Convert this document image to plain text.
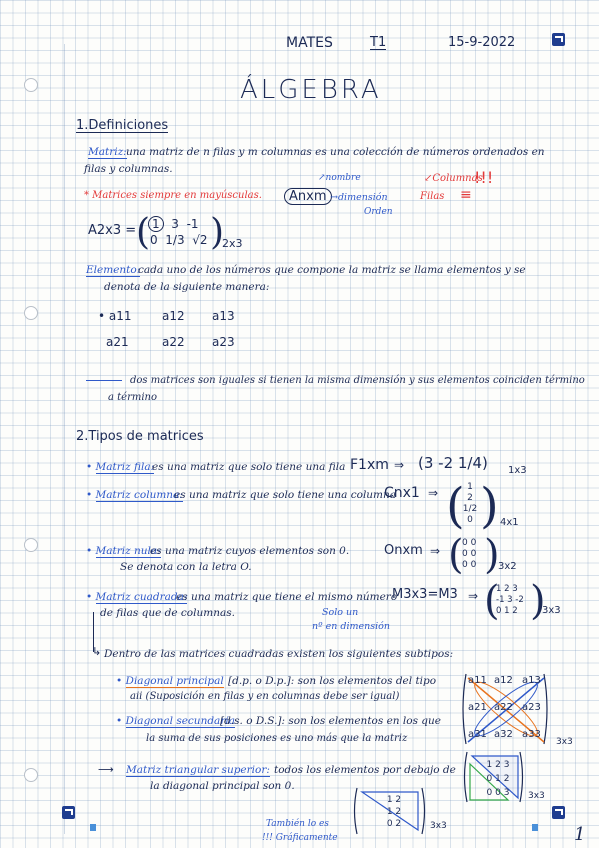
MATES	T1	15-9-2022
ÁLGEBRA
1.Definiciones
Matriz: una matriz de n filas y m columnas es una colección de números ordenados en
filas y columnas.
* Matrices siempre en mayúsculas.	Anxm
↗nombre
→dimensión
Orden
↙Columnas
!!!
Filas ≡
A2x3 = ( 1 3 -1
0 1/3 √2 )
2x3
Elemento:
cada uno de los números que compone la matriz se llama elementos y se
denota de la siguiente manera:
• a11	a12 a13
a21	a22 a23
dos matrices son iguales si tienen la misma dimensión y sus elementos coinciden término
a término
2.Tipos de matrices
• Matriz fila:
es una matriz que solo tiene una fila F1xm ⇒ (3 -2 1/4) 1x3
• Matriz columna:
es una matriz que solo tiene una columna
Cnx1 ⇒ ( 1
2
1/2
0 ) 4x1
• Matriz nula:
es una matriz cuyos elementos son 0.
Se denota con la letra O.
Onxm ⇒ (
0 0
0 0
0 0 )
3x2
• Matriz cuadrada:
es una matriz que tiene el mismo número
de filas que de columnas.
M3x3=M3
Solo un
nº en dimensión
⇒ (
1 2 3
-1 3 -2
0 1 2 )
3x3
↳ Dentro de las matrices cuadradas existen los siguientes subtipos:
• Diagonal principal [d.p. o D.p.]: son los elementos del tipo
aii (Suposición en filas y en columnas debe ser igual)
• Diagonal secundaria
[d.s. o D.S.]: son los elementos en los que
la suma de sus posiciones es uno más que la matriz
a11 a12 a13
a21 a22 a23
a31 a32 a33
3x3
⟶ Matriz triangular superior: todos los elementos por debajo de
la diagonal principal son 0.
1 2 3
0 1 2
0 0 3	3x3
1 2
1 2
0 2	3x3
También lo es
!!! Gráficamente	1
